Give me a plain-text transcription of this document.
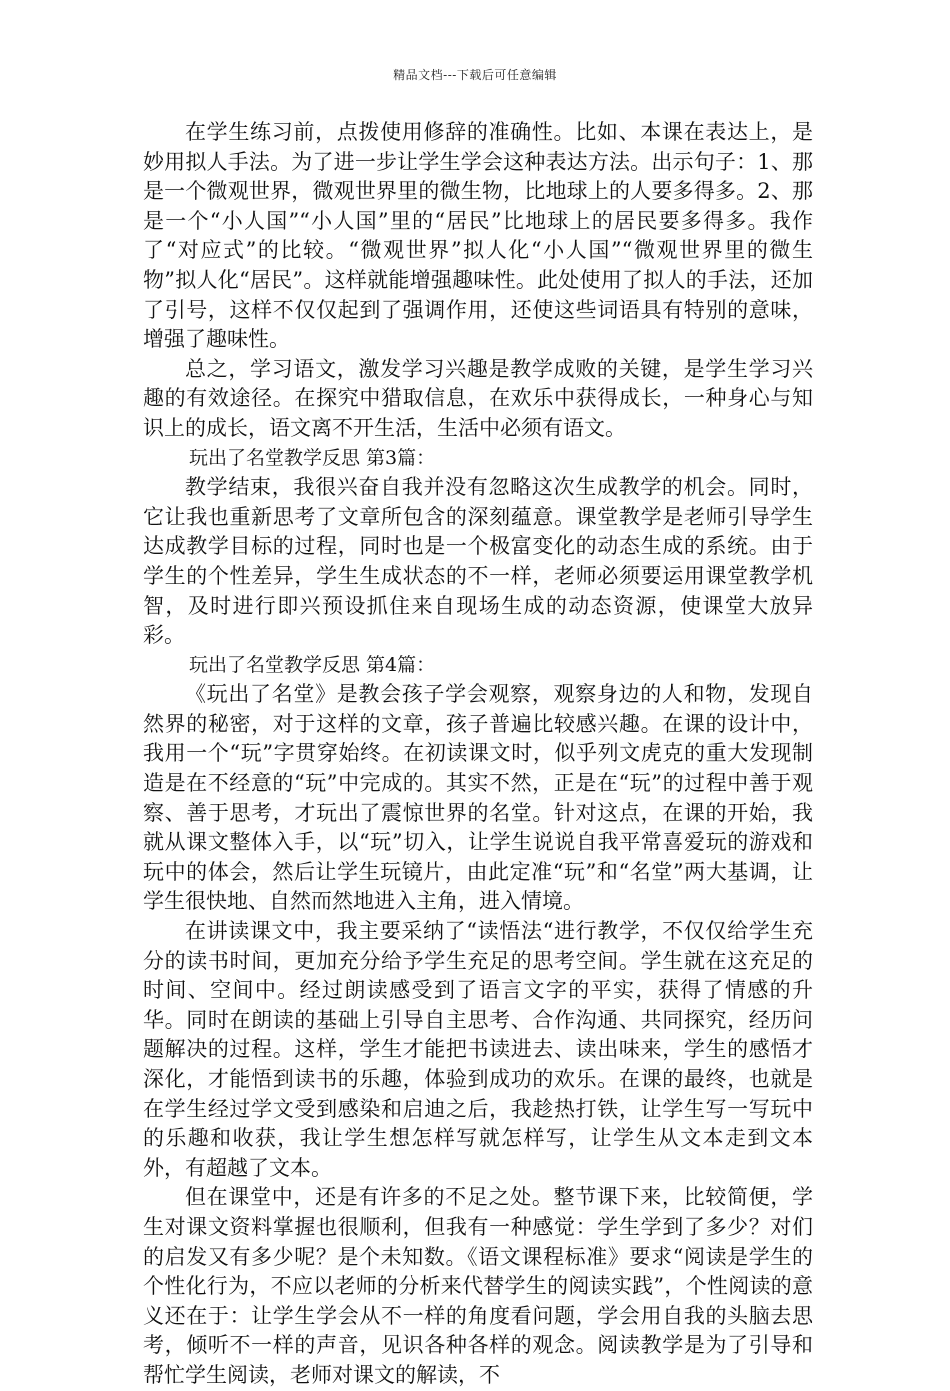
精品文档---下载后可任意编辑

在学生练习前，点拨使用修辞的准确性。比如、本课在表达上，是妙用拟人手法。为了进一步让学生学会这种表达方法。出示句子：1、那是一个微观世界，微观世界里的微生物，比地球上的人要多得多。2、那是一个“小人国”“小人国”里的“居民”比地球上的居民要多得多。我作了“对应式”的比较。“微观世界”拟人化“小人国”“微观世界里的微生物”拟人化“居民”。这样就能增强趣味性。此处使用了拟人的手法，还加了引号，这样不仅仅起到了强调作用，还使这些词语具有特别的意味，增强了趣味性。

总之，学习语文，激发学习兴趣是教学成败的关键，是学生学习兴趣的有效途径。在探究中猎取信息，在欢乐中获得成长，一种身心与知识上的成长，语文离不开生活，生活中必须有语文。

玩出了名堂教学反思 第3篇：

教学结束，我很兴奋自我并没有忽略这次生成教学的机会。同时，它让我也重新思考了文章所包含的深刻蕴意。课堂教学是老师引导学生达成教学目标的过程，同时也是一个极富变化的动态生成的系统。由于学生的个性差异，学生生成状态的不一样，老师必须要运用课堂教学机智，及时进行即兴预设抓住来自现场生成的动态资源，使课堂大放异彩。

玩出了名堂教学反思 第4篇：

《玩出了名堂》是教会孩子学会观察，观察身边的人和物，发现自然界的秘密，对于这样的文章，孩子普遍比较感兴趣。在课的设计中，我用一个“玩”字贯穿始终。在初读课文时，似乎列文虎克的重大发现制造是在不经意的“玩”中完成的。其实不然，正是在“玩”的过程中善于观察、善于思考，才玩出了震惊世界的名堂。针对这点，在课的开始，我就从课文整体入手，以“玩”切入，让学生说说自我平常喜爱玩的游戏和玩中的体会，然后让学生玩镜片，由此定准“玩”和“名堂”两大基调，让学生很快地、自然而然地进入主角，进入情境。

在讲读课文中，我主要采纳了“读悟法“进行教学，不仅仅给学生充分的读书时间，更加充分给予学生充足的思考空间。学生就在这充足的时间、空间中。经过朗读感受到了语言文字的平实，获得了情感的升华。同时在朗读的基础上引导自主思考、合作沟通、共同探究，经历问题解决的过程。这样，学生才能把书读进去、读出味来，学生的感悟才深化，才能悟到读书的乐趣，体验到成功的欢乐。在课的最终，也就是在学生经过学文受到感染和启迪之后，我趁热打铁，让学生写一写玩中的乐趣和收获，我让学生想怎样写就怎样写，让学生从文本走到文本外，有超越了文本。

但在课堂中，还是有许多的不足之处。整节课下来，比较简便，学生对课文资料掌握也很顺利，但我有一种感觉：学生学到了多少？对们的启发又有多少呢？是个未知数。《语文课程标准》要求“阅读是学生的个性化行为，不应以老师的分析来代替学生的阅读实践”，个性阅读的意义还在于：让学生学会从不一样的角度看问题，学会用自我的头脑去思考，倾听不一样的声音，见识各种各样的观念。阅读教学是为了引导和帮忙学生阅读，老师对课文的解读，不
